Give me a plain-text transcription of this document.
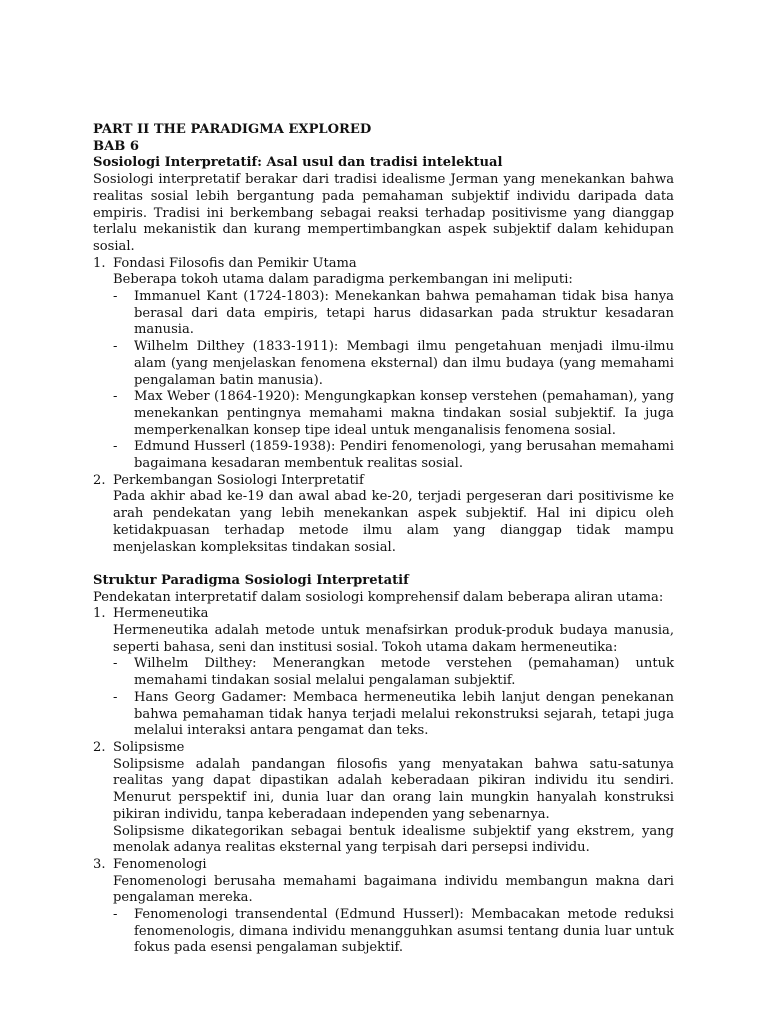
PART II THE PARADIGMA EXPLORED
BAB 6
Sosiologi Interpretatif: Asal usul dan tradisi intelektual

Sosiologi interpretatif berakar dari tradisi idealisme Jerman yang menekankan bahwa realitas sosial lebih bergantung pada pemahaman subjektif individu daripada data empiris. Tradisi ini berkembang sebagai reaksi terhadap positivisme yang dianggap terlalu mekanistik dan kurang mempertimbangkan aspek subjektif dalam kehidupan sosial.

1. Fondasi Filosofis dan Pemikir Utama

Beberapa tokoh utama dalam paradigma perkembangan ini meliputi:

-	Immanuel Kant (1724-1803): Menekankan bahwa pemahaman tidak bisa hanya berasal dari data empiris, tetapi harus didasarkan pada struktur kesadaran manusia.
-	Wilhelm Dilthey (1833-1911): Membagi ilmu pengetahuan menjadi ilmu-ilmu alam (yang menjelaskan fenomena eksternal) dan ilmu budaya (yang memahami pengalaman batin manusia).
-	Max Weber (1864-1920): Mengungkapkan konsep verstehen (pemahaman), yang menekankan pentingnya memahami makna tindakan sosial subjektif. Ia juga memperkenalkan konsep tipe ideal untuk menganalisis fenomena sosial.
-	Edmund Husserl (1859-1938): Pendiri fenomenologi, yang berusahan memahami bagaimana kesadaran membentuk realitas sosial.
2. Perkembangan Sosiologi Interpretatif

Pada akhir abad ke-19 dan awal abad ke-20, terjadi pergeseran dari positivisme ke arah pendekatan yang lebih menekankan aspek subjektif. Hal ini dipicu oleh ketidakpuasan terhadap metode ilmu alam yang dianggap tidak mampu menjelaskan kompleksitas tindakan sosial.

Struktur Paradigma Sosiologi Interpretatif
Pendekatan interpretatif dalam sosiologi komprehensif dalam beberapa aliran utama:
1. Hermeneutika

Hermeneutika adalah metode untuk menafsirkan produk-produk budaya manusia, seperti bahasa, seni dan institusi sosial. Tokoh utama dakam hermeneutika:

-	Wilhelm Dilthey: Menerangkan metode verstehen (pemahaman) untuk memahami tindakan sosial melalui pengalaman subjektif.
-	Hans Georg Gadamer: Membaca hermeneutika lebih lanjut dengan penekanan bahwa pemahaman tidak hanya terjadi melalui rekonstruksi sejarah, tetapi juga melalui interaksi antara pengamat dan teks.
2. Solipsisme

Solipsisme adalah pandangan filosofis yang menyatakan bahwa satu-satunya realitas yang dapat dipastikan adalah keberadaan pikiran individu itu sendiri. Menurut perspektif ini, dunia luar dan orang lain mungkin hanyalah konstruksi pikiran individu, tanpa keberadaan independen yang sebenarnya.

Solipsisme dikategorikan sebagai bentuk idealisme subjektif yang ekstrem, yang menolak adanya realitas eksternal yang terpisah dari persepsi individu.

3. Fenomenologi

Fenomenologi berusaha memahami bagaimana individu membangun makna dari pengalaman mereka.

-	Fenomenologi transendental (Edmund Husserl): Membacakan metode reduksi fenomenologis, dimana individu menangguhkan asumsi tentang dunia luar untuk fokus pada esensi pengalaman subjektif.
